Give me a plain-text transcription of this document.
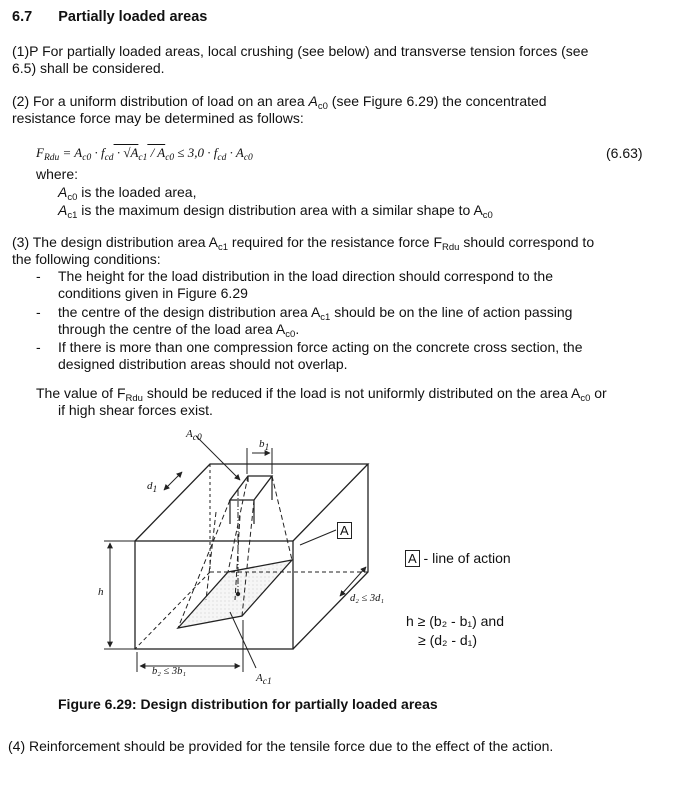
6.7 Partially loaded areas
(1)P For partially loaded areas, local crushing (see below) and transverse tension forces (see
6.5) shall be considered.
(2) For a uniform distribution of load on an area $A_{c0}$ (see Figure 6.29) the concentrated
resistance force may be determined as follows:
$F_{Rdu} = A_{c0} \cdot f_{cd} \cdot √A_{c1} / A_{c0} \le 3,0 \cdot f_{cd} \cdot A_{c0}$	(6.63)
where:
$A_{c0}$ is the loaded area,
$A_{c1}$ is the maximum design distribution area with a similar shape to $A_{c0}$
(3) The design distribution area $A_{c1}$ required for the resistance force $F_{Rdu}$ should correspond to
the following conditions:
- The height for the load distribution in the load direction should correspond to the
conditions given in Figure 6.29
- the centre of the design distribution area $A_{c1}$ should be on the line of action passing
through the centre of the load area $A_{c0}$.
- If there is more than one compression force acting on the concrete cross section, the
designed distribution areas should not overlap.
The value of $F_{Rdu}$ should be reduced if the load is not uniformly distributed on the area $A_{c0}$ or
if high shear forces exist.
$A_{c0}$	$b_1$
$d_1$
h
d₂ ≤ 3d₁
b₂ ≤ 3b₁
$A_{c1}$
A
A - line of action
h ≥ (b₂ - b₁) and
≥ (d₂ - d₁)
Figure 6.29: Design distribution for partially loaded areas
(4) Reinforcement should be provided for the tensile force due to the effect of the action.
